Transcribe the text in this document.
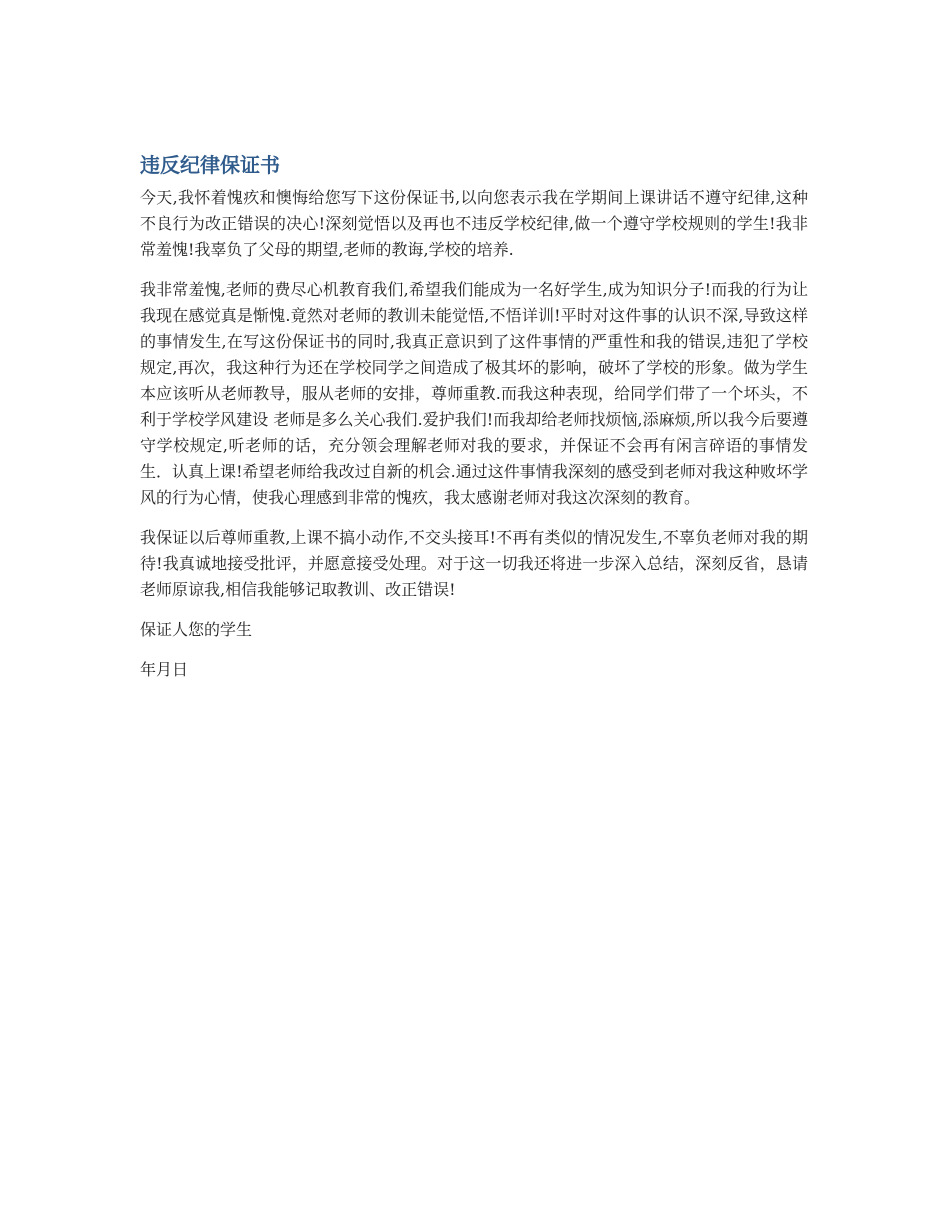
违反纪律保证书

今天,我怀着愧疚和懊悔给您写下这份保证书,以向您表示我在学期间上课讲话不遵守纪律,这种不良行为改正错误的决心!深刻觉悟以及再也不违反学校纪律,做一个遵守学校规则的学生!我非常羞愧!我辜负了父母的期望,老师的教诲,学校的培养.

我非常羞愧,老师的费尽心机教育我们,希望我们能成为一名好学生,成为知识分子!而我的行为让我现在感觉真是惭愧.竟然对老师的教训未能觉悟,不悟详训!平时对这件事的认识不深,导致这样的事情发生,在写这份保证书的同时,我真正意识到了这件事情的严重性和我的错误,违犯了学校规定,再次，我这种行为还在学校同学之间造成了极其坏的影响，破坏了学校的形象。做为学生本应该听从老师教导，服从老师的安排，尊师重教.而我这种表现，给同学们带了一个坏头，不利于学校学风建设 老师是多么关心我们.爱护我们!而我却给老师找烦恼,添麻烦,所以我今后要遵守学校规定,听老师的话，充分领会理解老师对我的要求，并保证不会再有闲言碎语的事情发生．认真上课!希望老师给我改过自新的机会.通过这件事情我深刻的感受到老师对我这种败坏学风的行为心情，使我心理感到非常的愧疚，我太感谢老师对我这次深刻的教育。

我保证以后尊师重教,上课不搞小动作,不交头接耳!不再有类似的情况发生,不辜负老师对我的期待!我真诚地接受批评，并愿意接受处理。对于这一切我还将进一步深入总结，深刻反省，恳请老师原谅我,相信我能够记取教训、改正错误!

保证人您的学生

年月日
